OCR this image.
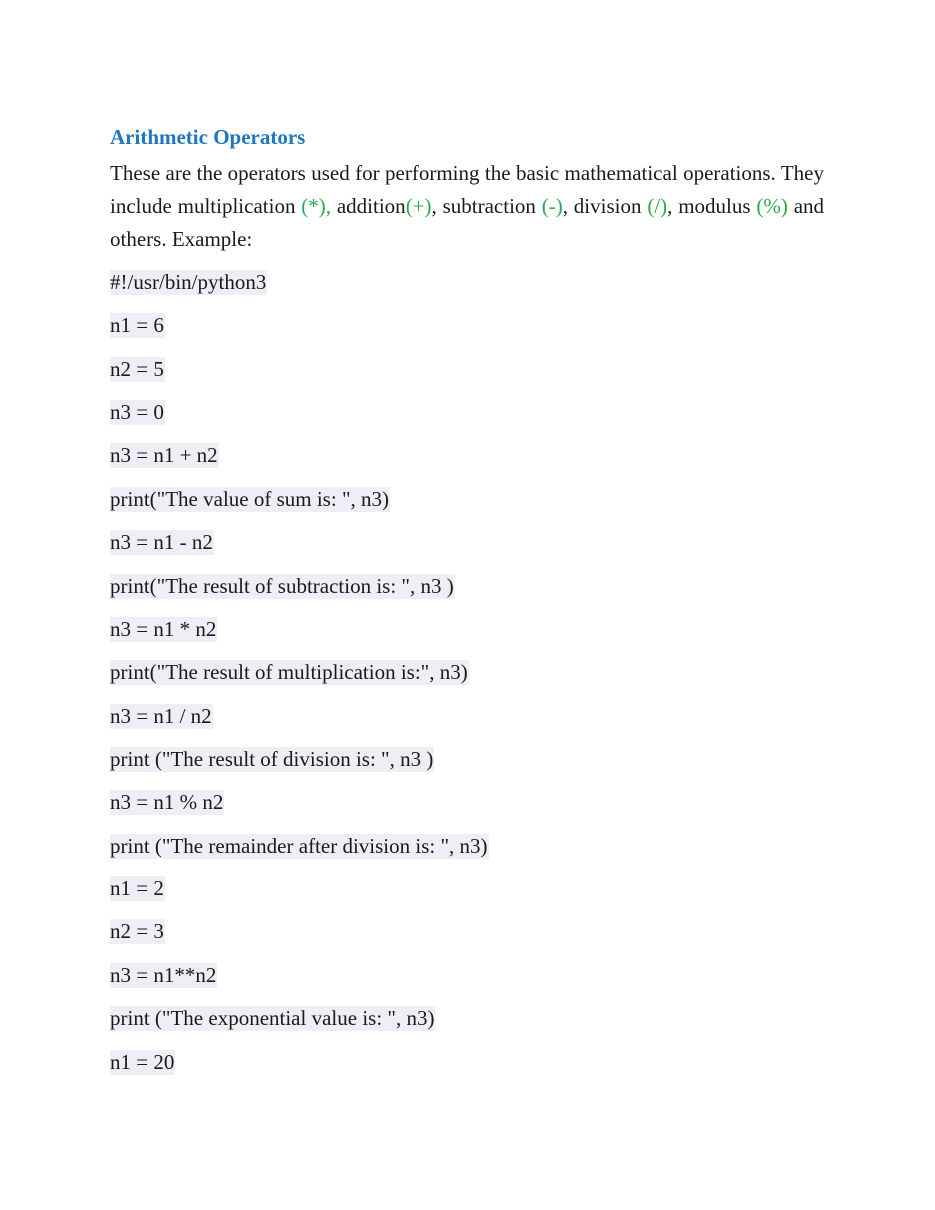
Arithmetic Operators
These are the operators used for performing the basic mathematical operations. They include multiplication (*), addition(+), subtraction (-), division (/), modulus (%) and others. Example:
#!/usr/bin/python3
n1 = 6
n2 = 5
n3 = 0
n3 = n1 + n2
print("The value of sum is: ", n3)
n3 = n1 - n2
print("The result of subtraction is: ", n3 )
n3 = n1 * n2
print("The result of multiplication is:", n3)
n3 = n1 / n2
print ("The result of division is: ", n3 )
n3 = n1 % n2
print ("The remainder after division is: ", n3)
n1 = 2
n2 = 3
n3 = n1**n2
print ("The exponential value is: ", n3)
n1 = 20
